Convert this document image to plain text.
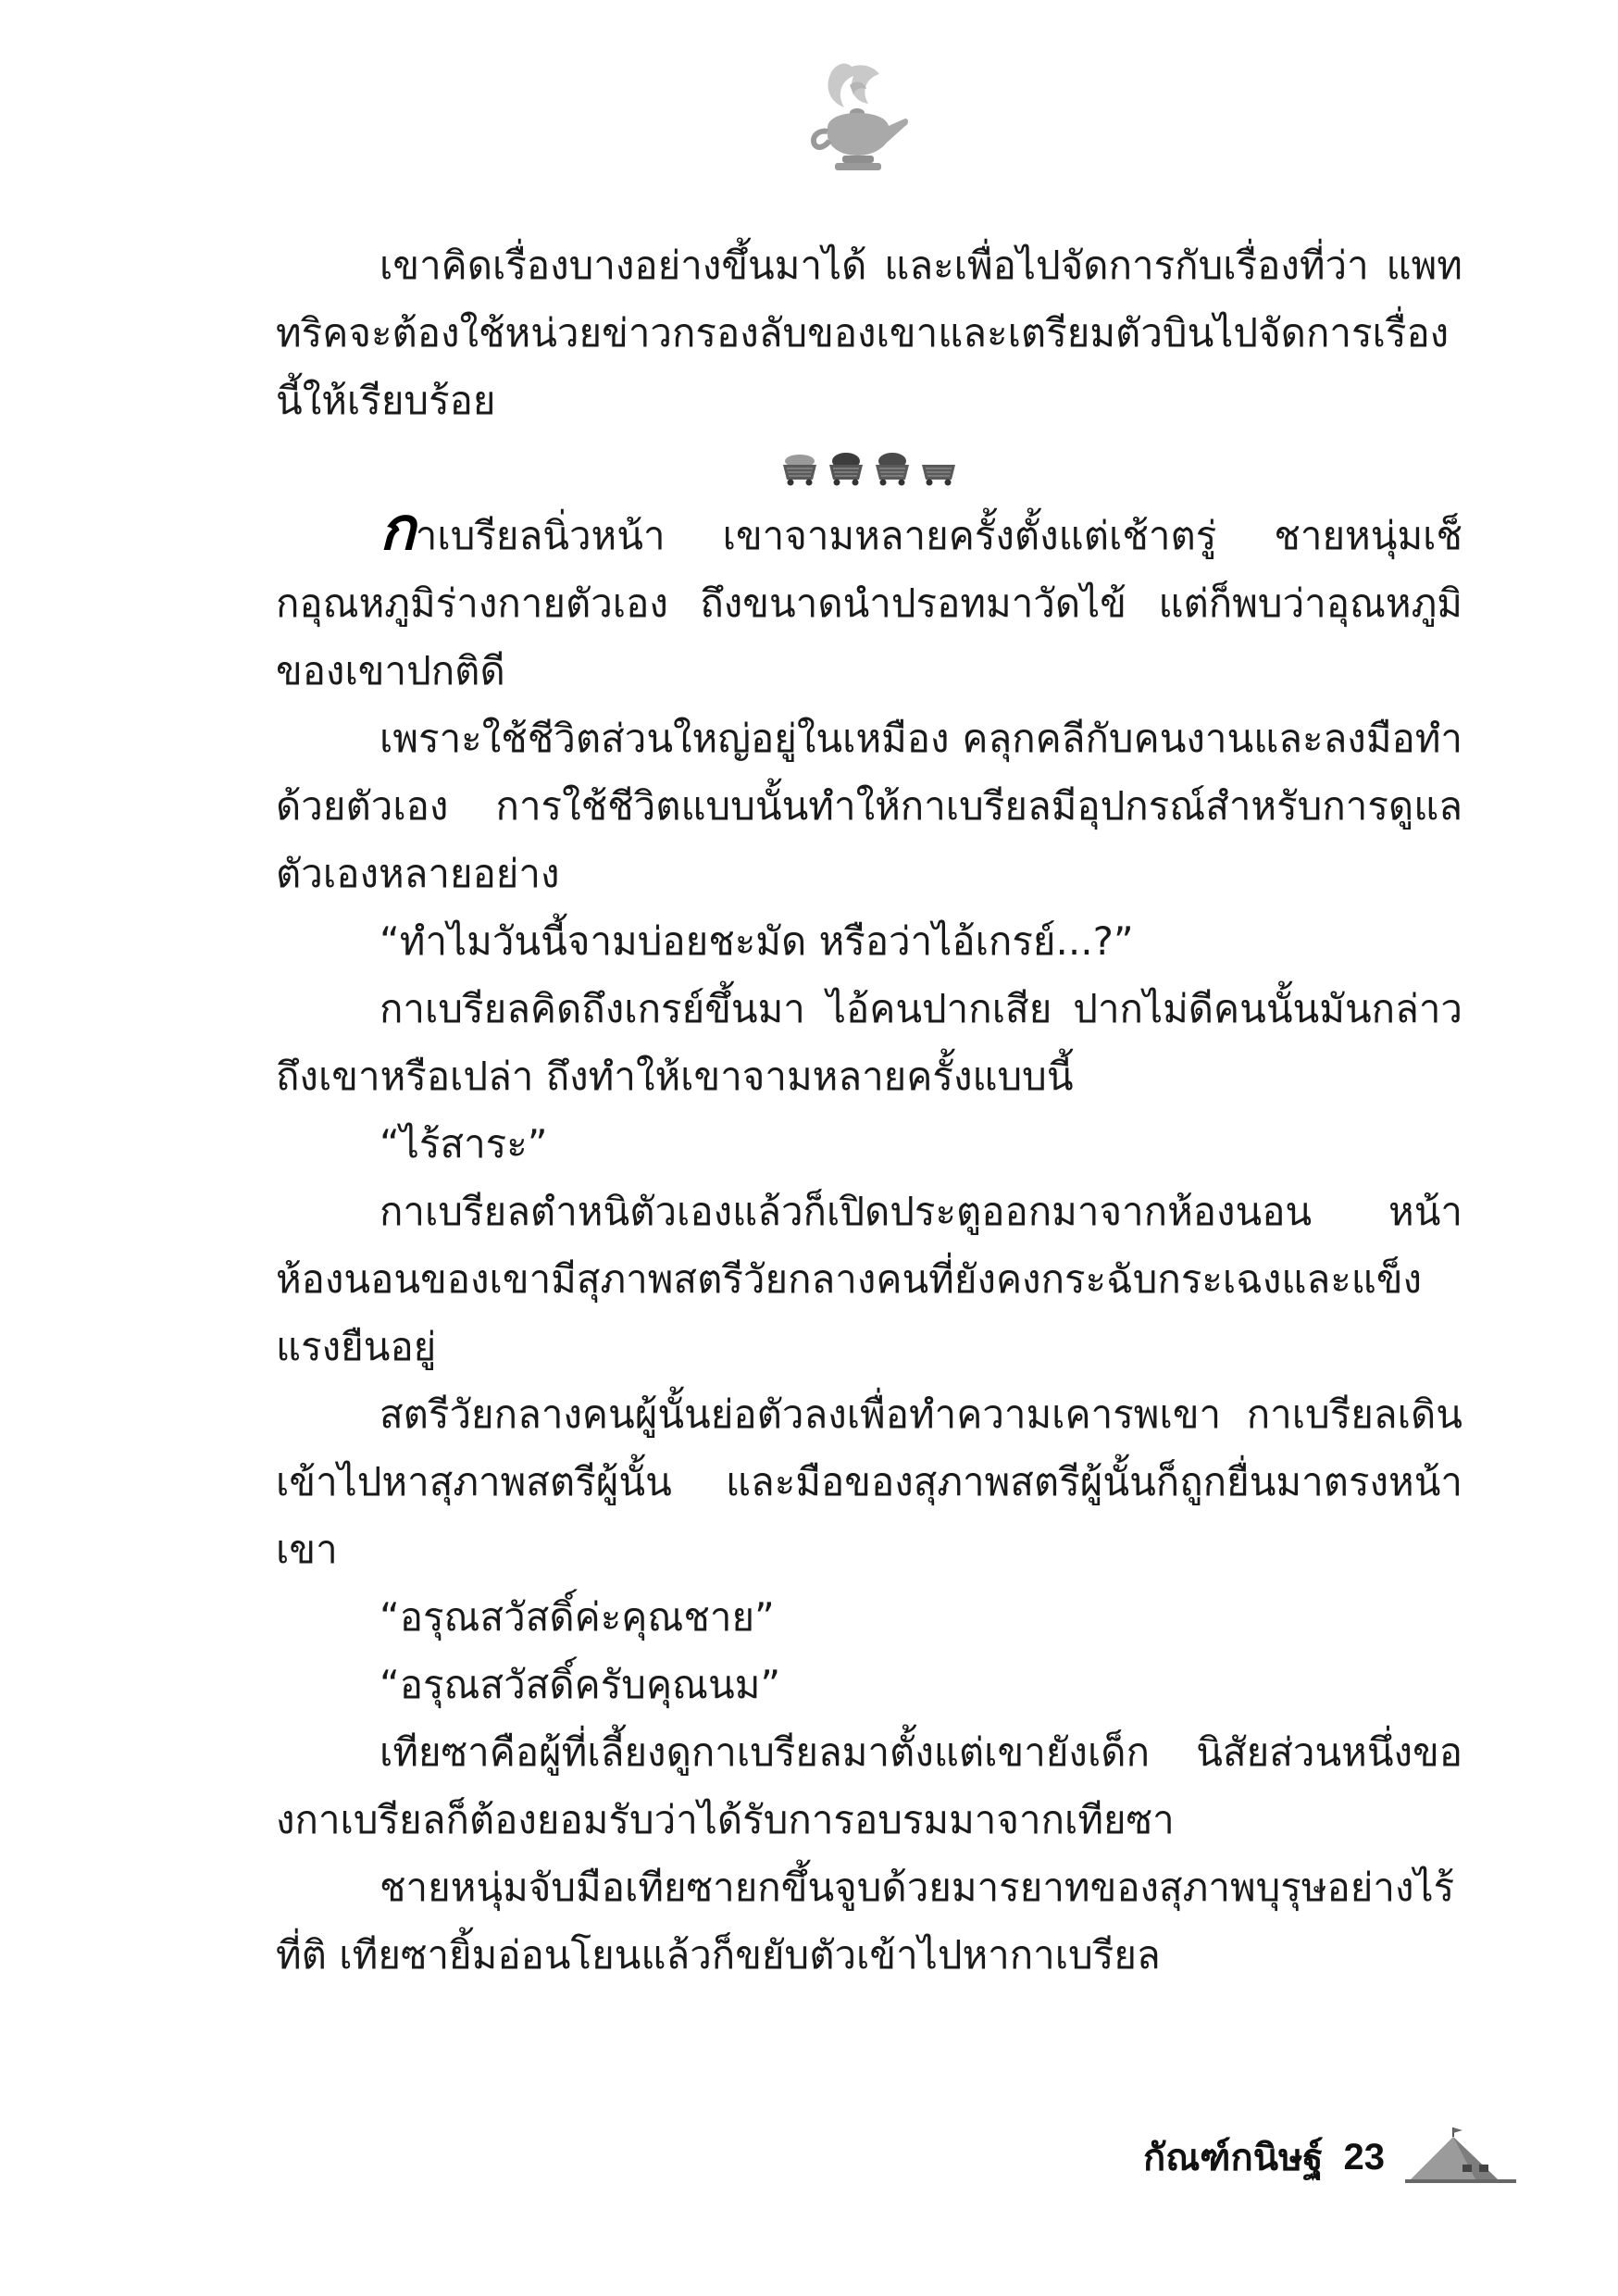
เขาคิดเรื่องบางอย่างขึ้นมาได้ และเพื่อไปจัดการกับเรื่องที่ว่า แพททริคจะต้องใช้หน่วยข่าวกรองลับของเขาและเตรียมตัวบินไปจัดการเรื่องนี้ให้เรียบร้อย

กาเบรียลนิ่วหน้า เขาจามหลายครั้งตั้งแต่เช้าตรู่ ชายหนุ่มเช็กอุณหภูมิร่างกายตัวเอง ถึงขนาดนำปรอทมาวัดไข้ แต่ก็พบว่าอุณหภูมิของเขาปกติดี

เพราะใช้ชีวิตส่วนใหญ่อยู่ในเหมือง คลุกคลีกับคนงานและลงมือทำด้วยตัวเอง การใช้ชีวิตแบบนั้นทำให้กาเบรียลมีอุปกรณ์สำหรับการดูแลตัวเองหลายอย่าง

“ทำไมวันนี้จามบ่อยชะมัด หรือว่าไอ้เกรย์...?”

กาเบรียลคิดถึงเกรย์ขึ้นมา ไอ้คนปากเสีย ปากไม่ดีคนนั้นมันกล่าวถึงเขาหรือเปล่า ถึงทำให้เขาจามหลายครั้งแบบนี้

“ไร้สาระ”

กาเบรียลตำหนิตัวเองแล้วก็เปิดประตูออกมาจากห้องนอน หน้าห้องนอนของเขามีสุภาพสตรีวัยกลางคนที่ยังคงกระฉับกระเฉงและแข็งแรงยืนอยู่

สตรีวัยกลางคนผู้นั้นย่อตัวลงเพื่อทำความเคารพเขา กาเบรียลเดินเข้าไปหาสุภาพสตรีผู้นั้น และมือของสุภาพสตรีผู้นั้นก็ถูกยื่นมาตรงหน้าเขา

“อรุณสวัสดิ์ค่ะคุณชาย”

“อรุณสวัสดิ์ครับคุณนม”

เทียซาคือผู้ที่เลี้ยงดูกาเบรียลมาตั้งแต่เขายังเด็ก นิสัยส่วนหนึ่งของกาเบรียลก็ต้องยอมรับว่าได้รับการอบรมมาจากเทียซา

ชายหนุ่มจับมือเทียซายกขึ้นจูบด้วยมารยาทของสุภาพบุรุษอย่างไร้ที่ติ เทียซายิ้มอ่อนโยนแล้วก็ขยับตัวเข้าไปหากาเบรียล

กัณฑ์กนิษฐ์ 23
